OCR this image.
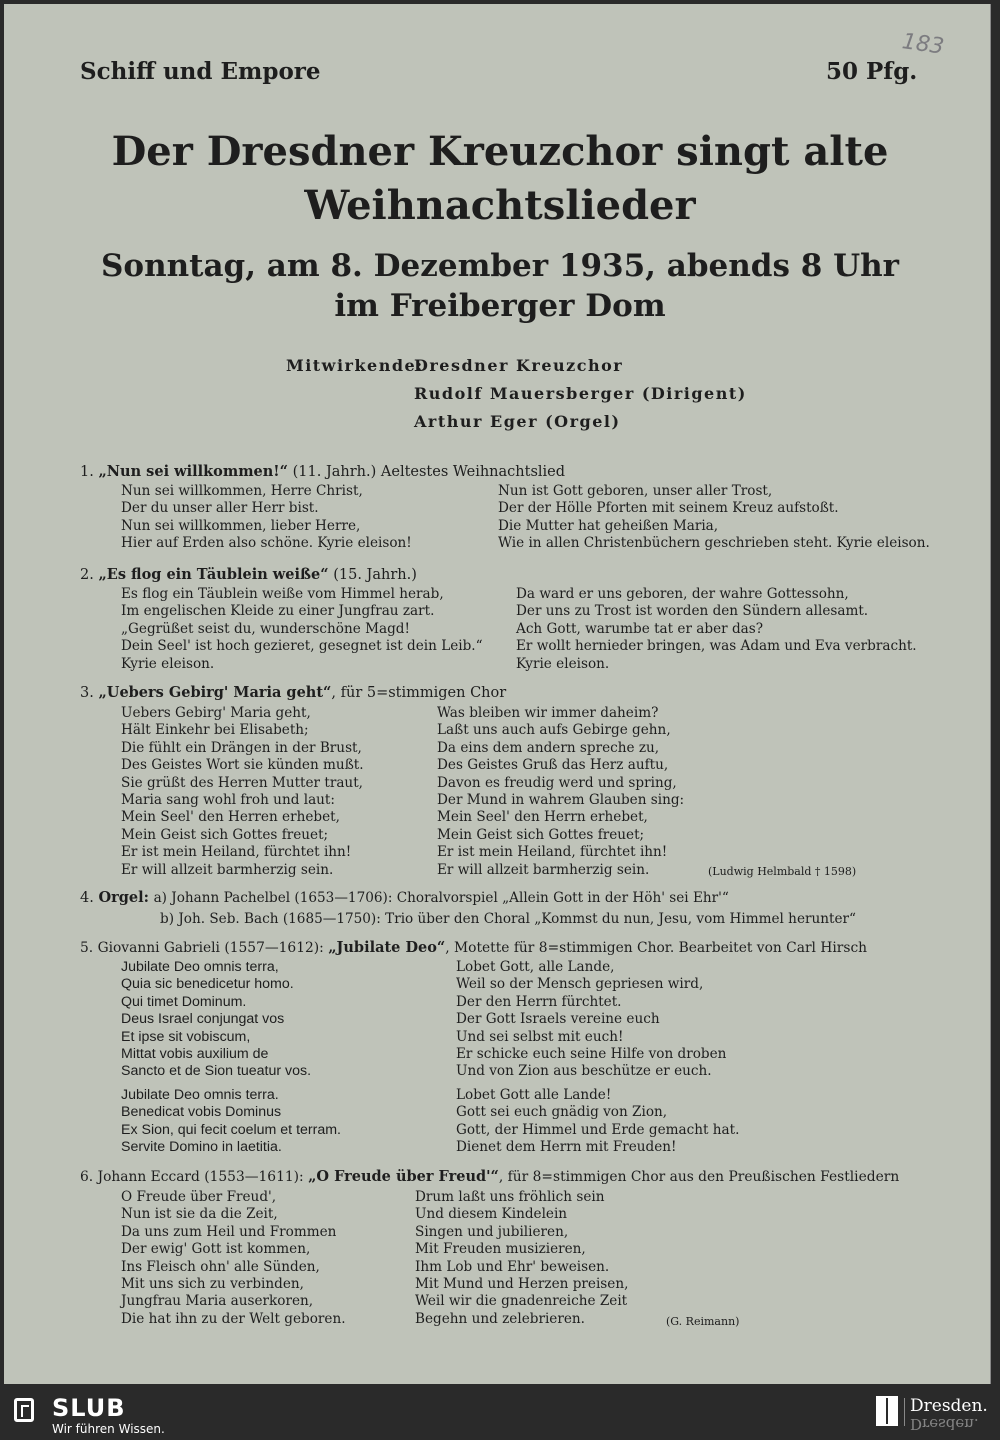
Schiff und Empore	50 Pfg.
183
Der Dresdner Kreuzchor singt alte
Weihnachtslieder
Sonntag, am 8. Dezember 1935, abends 8 Uhr
im Freiberger Dom
Mitwirkende:
Dresdner Kreuzchor
Rudolf Mauersberger (Dirigent)
Arthur Eger (Orgel)
1. „Nun sei willkommen!“ (11. Jahrh.) Aeltestes Weihnachtslied
Nun sei willkommen, Herre Christ,
Der du unser aller Herr bist.
Nun sei willkommen, lieber Herre,
Hier auf Erden also schöne. Kyrie eleison!
Nun ist Gott geboren, unser aller Trost,
Der der Hölle Pforten mit seinem Kreuz aufstoßt.
Die Mutter hat geheißen Maria,
Wie in allen Christenbüchern geschrieben steht. Kyrie eleison.
2. „Es flog ein Täublein weiße“ (15. Jahrh.)
Es flog ein Täublein weiße vom Himmel herab,
Im engelischen Kleide zu einer Jungfrau zart.
„Gegrüßet seist du, wunderschöne Magd!
Dein Seel' ist hoch gezieret, gesegnet ist dein Leib.“
Kyrie eleison.
Da ward er uns geboren, der wahre Gottessohn,
Der uns zu Trost ist worden den Sündern allesamt.
Ach Gott, warumbe tat er aber das?
Er wollt hernieder bringen, was Adam und Eva verbracht.
Kyrie eleison.
3. „Uebers Gebirg' Maria geht“, für 5=stimmigen Chor
Uebers Gebirg' Maria geht,
Hält Einkehr bei Elisabeth;
Die fühlt ein Drängen in der Brust,
Des Geistes Wort sie künden mußt.
Sie grüßt des Herren Mutter traut,
Maria sang wohl froh und laut:
Mein Seel' den Herren erhebet,
Mein Geist sich Gottes freuet;
Er ist mein Heiland, fürchtet ihn!
Er will allzeit barmherzig sein.
Was bleiben wir immer daheim?
Laßt uns auch aufs Gebirge gehn,
Da eins dem andern spreche zu,
Des Geistes Gruß das Herz auftu,
Davon es freudig werd und spring,
Der Mund in wahrem Glauben sing:
Mein Seel' den Herrn erhebet,
Mein Geist sich Gottes freuet;
Er ist mein Heiland, fürchtet ihn!
Er will allzeit barmherzig sein.	(Ludwig Helmbald † 1598)
4. Orgel: a) Johann Pachelbel (1653—1706): Choralvorspiel „Allein Gott in der Höh' sei Ehr'“
b) Joh. Seb. Bach (1685—1750): Trio über den Choral „Kommst du nun, Jesu, vom Himmel herunter“
5. Giovanni Gabrieli (1557—1612): „Jubilate Deo“, Motette für 8=stimmigen Chor. Bearbeitet von Carl Hirsch
Jubilate Deo omnis terra,
Quia sic benedicetur homo.
Qui timet Dominum.
Deus Israel conjungat vos
Et ipse sit vobiscum,
Mittat vobis auxilium de
Sancto et de Sion tueatur vos.
Lobet Gott, alle Lande,
Weil so der Mensch gepriesen wird,
Der den Herrn fürchtet.
Der Gott Israels vereine euch
Und sei selbst mit euch!
Er schicke euch seine Hilfe von droben
Und von Zion aus beschütze er euch.
Jubilate Deo omnis terra.
Benedicat vobis Dominus
Ex Sion, qui fecit coelum et terram.
Servite Domino in laetitia.
Lobet Gott alle Lande!
Gott sei euch gnädig von Zion,
Gott, der Himmel und Erde gemacht hat.
Dienet dem Herrn mit Freuden!
6. Johann Eccard (1553—1611): „O Freude über Freud'“, für 8=stimmigen Chor aus den Preußischen Festliedern
O Freude über Freud',
Nun ist sie da die Zeit,
Da uns zum Heil und Frommen
Der ewig' Gott ist kommen,
Ins Fleisch ohn' alle Sünden,
Mit uns sich zu verbinden,
Jungfrau Maria auserkoren,
Die hat ihn zu der Welt geboren.
Drum laßt uns fröhlich sein
Und diesem Kindelein
Singen und jubilieren,
Mit Freuden musizieren,
Ihm Lob und Ehr' beweisen.
Mit Mund und Herzen preisen,
Weil wir die gnadenreiche Zeit
Begehn und zelebrieren.	(G. Reimann)
SLUB
Wir führen Wissen.
Dresden.
Dresden.
